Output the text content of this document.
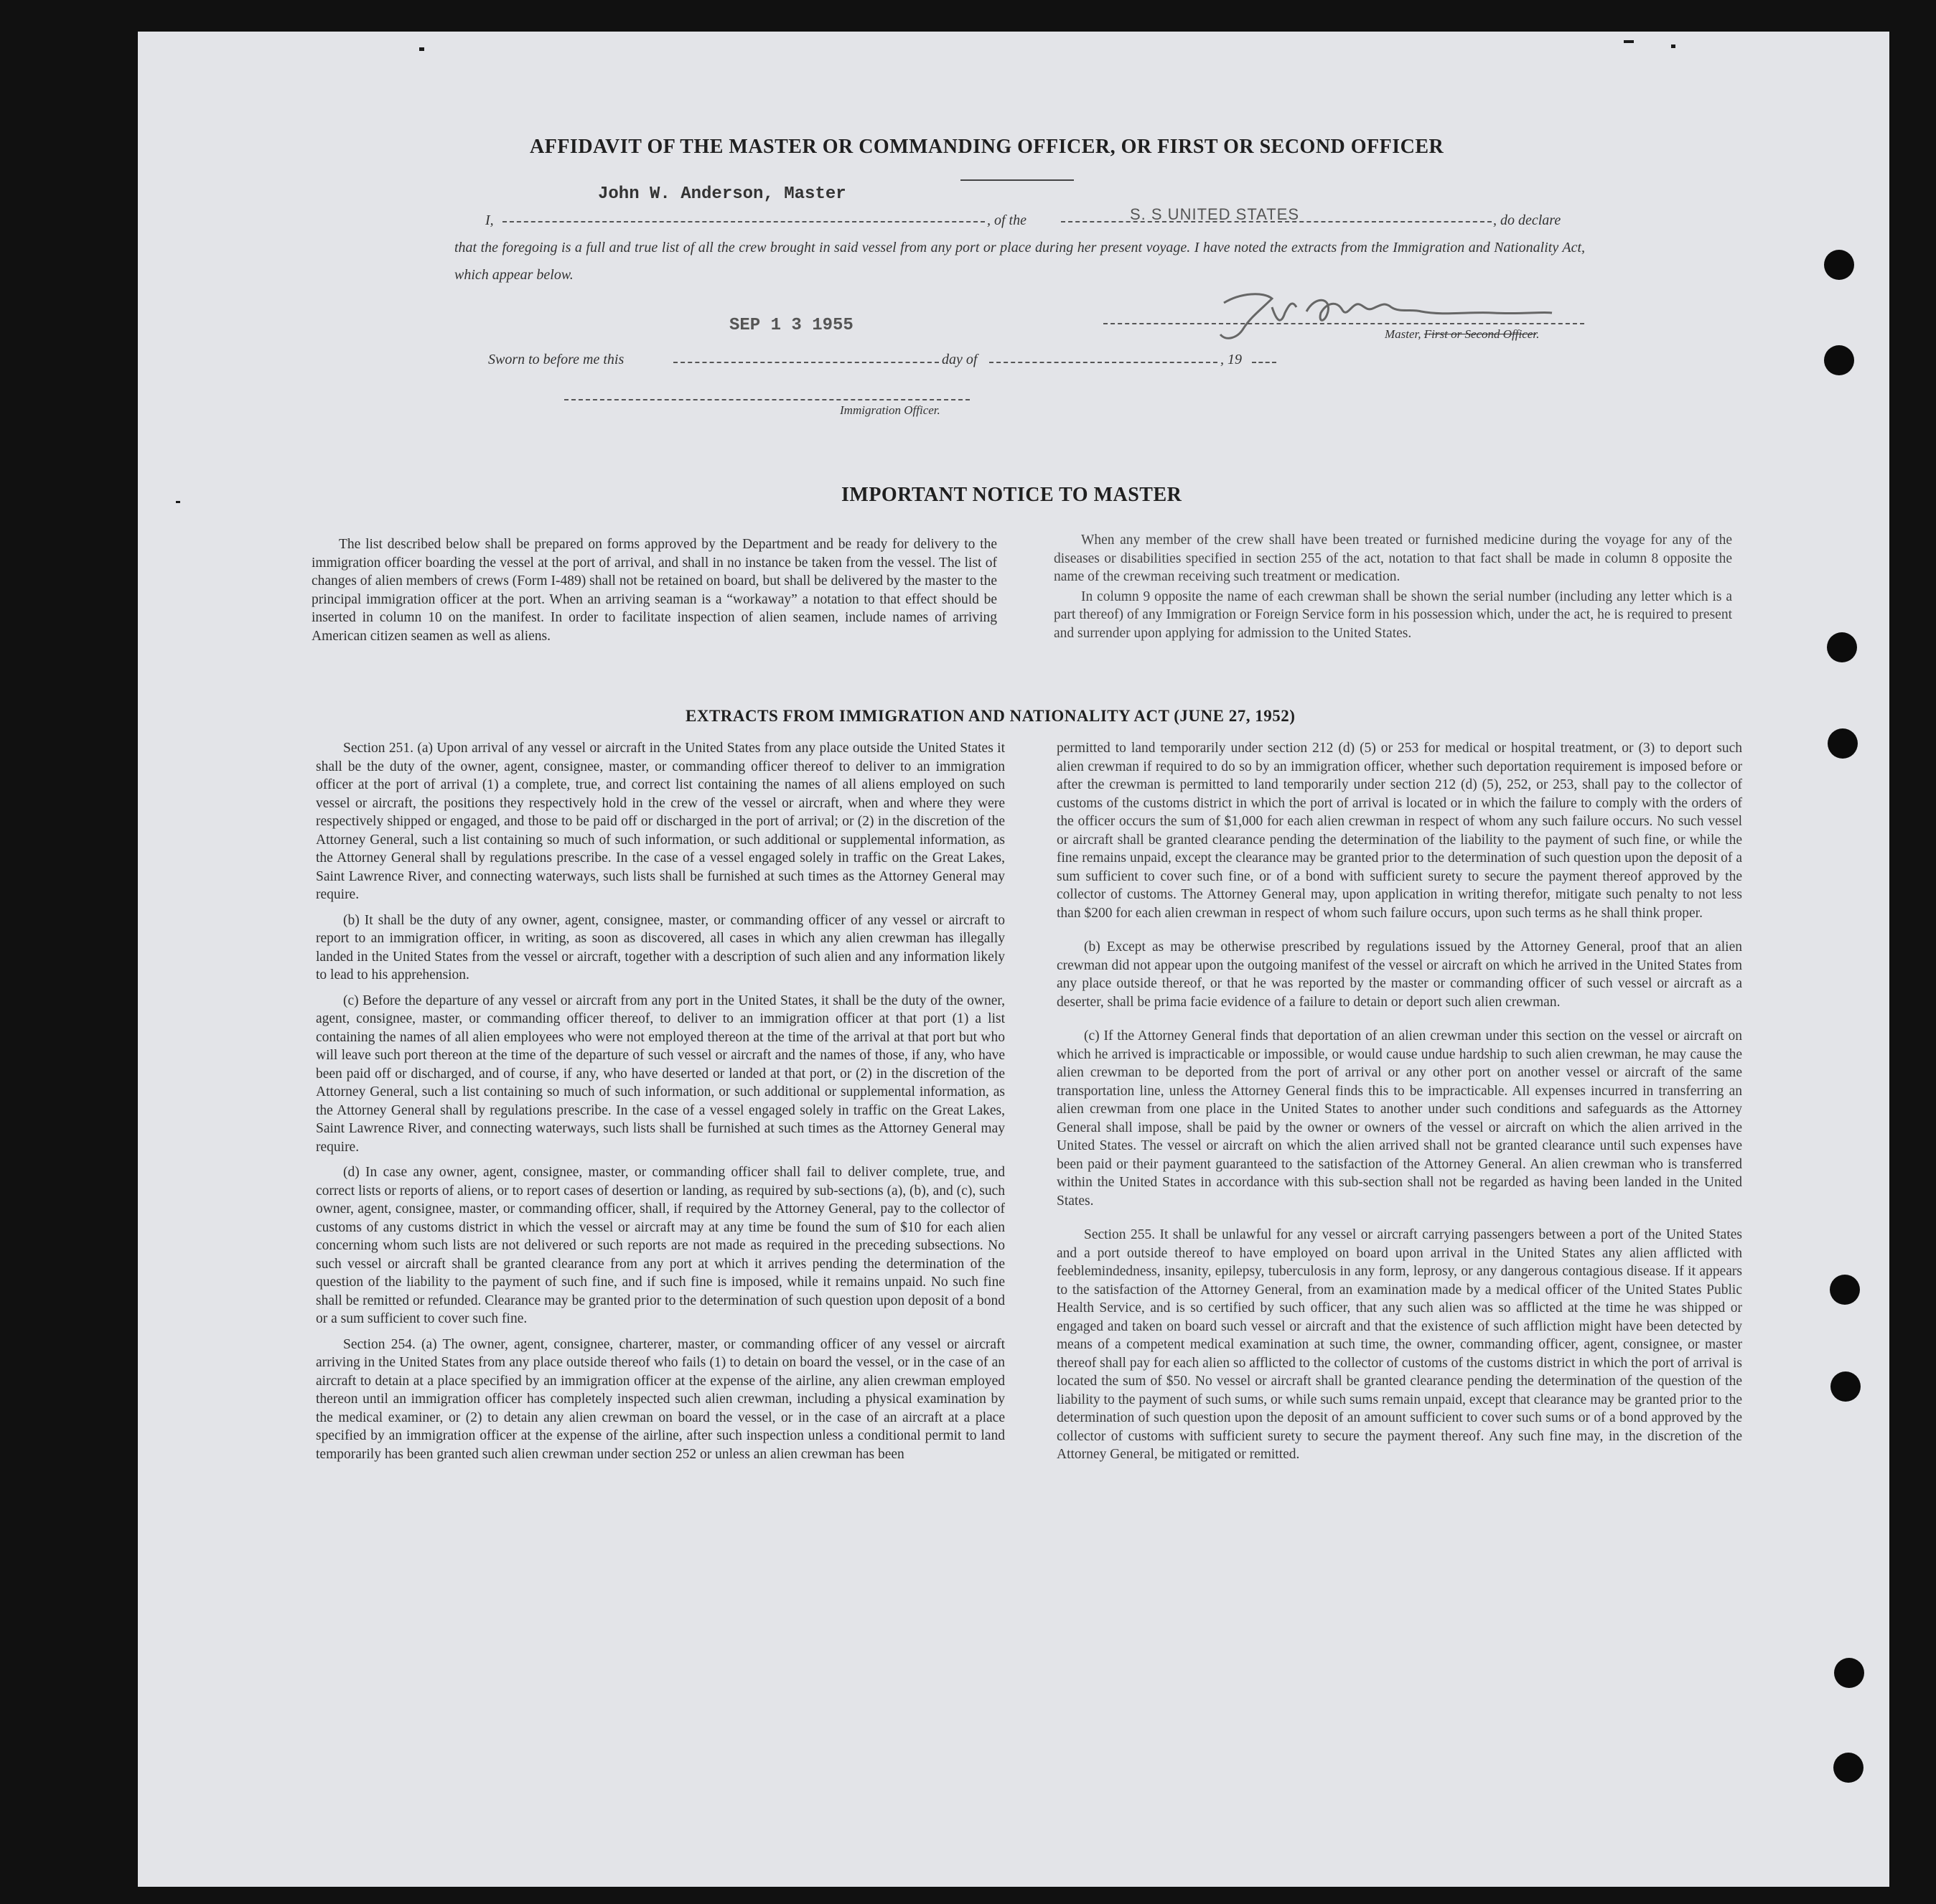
AFFIDAVIT OF THE MASTER OR COMMANDING OFFICER, OR FIRST OR SECOND OFFICER
John W. Anderson, Master
I,	, of the	S. S UNITED STATES	, do declare
that the foregoing is a full and true list of all the crew brought in said vessel from any port or place during her present voyage. I have noted the extracts from the Immigration and Nationality Act, which appear below.
SEP 1 3 1955	Master, First or Second Officer.
Sworn to before me this	day of	, 19
Immigration Officer.
IMPORTANT NOTICE TO MASTER

The list described below shall be prepared on forms approved by the Department and be ready for delivery to the immigration officer boarding the vessel at the port of arrival, and shall in no instance be taken from the vessel. The list of changes of alien members of crews (Form I-489) shall not be retained on board, but shall be delivered by the master to the principal immigration officer at the port. When an arriving seaman is a “workaway” a notation to that effect should be inserted in column 10 on the manifest. In order to facilitate inspection of alien seamen, include names of arriving American citizen seamen as well as aliens.

When any member of the crew shall have been treated or furnished medicine during the voyage for any of the diseases or disabilities specified in section 255 of the act, notation to that fact shall be made in column 8 opposite the name of the crewman receiving such treatment or medication.

In column 9 opposite the name of each crewman shall be shown the serial number (including any letter which is a part thereof) of any Immigration or Foreign Service form in his possession which, under the act, he is required to present and surrender upon applying for admission to the United States.

EXTRACTS FROM IMMIGRATION AND NATIONALITY ACT (JUNE 27, 1952)

Section 251. (a) Upon arrival of any vessel or aircraft in the United States from any place outside the United States it shall be the duty of the owner, agent, consignee, master, or commanding officer thereof to deliver to an immigration officer at the port of arrival (1) a complete, true, and correct list containing the names of all aliens employed on such vessel or aircraft, the positions they respectively hold in the crew of the vessel or aircraft, when and where they were respectively shipped or engaged, and those to be paid off or discharged in the port of arrival; or (2) in the discretion of the Attorney General, such a list containing so much of such information, or such additional or supplemental information, as the Attorney General shall by regulations prescribe. In the case of a vessel engaged solely in traffic on the Great Lakes, Saint Lawrence River, and connecting waterways, such lists shall be furnished at such times as the Attorney General may require.

(b) It shall be the duty of any owner, agent, consignee, master, or commanding officer of any vessel or aircraft to report to an immigration officer, in writing, as soon as discovered, all cases in which any alien crewman has illegally landed in the United States from the vessel or aircraft, together with a description of such alien and any information likely to lead to his apprehension.

(c) Before the departure of any vessel or aircraft from any port in the United States, it shall be the duty of the owner, agent, consignee, master, or commanding officer thereof, to deliver to an immigration officer at that port (1) a list containing the names of all alien employees who were not employed thereon at the time of the arrival at that port but who will leave such port thereon at the time of the departure of such vessel or aircraft and the names of those, if any, who have been paid off or discharged, and of course, if any, who have deserted or landed at that port, or (2) in the discretion of the Attorney General, such a list containing so much of such information, or such additional or supplemental information, as the Attorney General shall by regulations prescribe. In the case of a vessel engaged solely in traffic on the Great Lakes, Saint Lawrence River, and connecting waterways, such lists shall be furnished at such times as the Attorney General may require.

(d) In case any owner, agent, consignee, master, or commanding officer shall fail to deliver complete, true, and correct lists or reports of aliens, or to report cases of desertion or landing, as required by sub-sections (a), (b), and (c), such owner, agent, consignee, master, or commanding officer, shall, if required by the Attorney General, pay to the collector of customs of any customs district in which the vessel or aircraft may at any time be found the sum of $10 for each alien concerning whom such lists are not delivered or such reports are not made as required in the preceding subsections. No such vessel or aircraft shall be granted clearance from any port at which it arrives pending the determination of the question of the liability to the payment of such fine, and if such fine is imposed, while it remains unpaid. No such fine shall be remitted or refunded. Clearance may be granted prior to the determination of such question upon deposit of a bond or a sum sufficient to cover such fine.

Section 254. (a) The owner, agent, consignee, charterer, master, or commanding officer of any vessel or aircraft arriving in the United States from any place outside thereof who fails (1) to detain on board the vessel, or in the case of an aircraft to detain at a place specified by an immigration officer at the expense of the airline, any alien crewman employed thereon until an immigration officer has completely inspected such alien crewman, including a physical examination by the medical examiner, or (2) to detain any alien crewman on board the vessel, or in the case of an aircraft at a place specified by an immigration officer at the expense of the airline, after such inspection unless a conditional permit to land temporarily has been granted such alien crewman under section 252 or unless an alien crewman has been

permitted to land temporarily under section 212 (d) (5) or 253 for medical or hospital treatment, or (3) to deport such alien crewman if required to do so by an immigration officer, whether such deportation requirement is imposed before or after the crewman is permitted to land temporarily under section 212 (d) (5), 252, or 253, shall pay to the collector of customs of the customs district in which the port of arrival is located or in which the failure to comply with the orders of the officer occurs the sum of $1,000 for each alien crewman in respect of whom any such failure occurs. No such vessel or aircraft shall be granted clearance pending the determination of the liability to the payment of such fine, or while the fine remains unpaid, except the clearance may be granted prior to the determination of such question upon the deposit of a sum sufficient to cover such fine, or of a bond with sufficient surety to secure the payment thereof approved by the collector of customs. The Attorney General may, upon application in writing therefor, mitigate such penalty to not less than $200 for each alien crewman in respect of whom such failure occurs, upon such terms as he shall think proper.

(b) Except as may be otherwise prescribed by regulations issued by the Attorney General, proof that an alien crewman did not appear upon the outgoing manifest of the vessel or aircraft on which he arrived in the United States from any place outside thereof, or that he was reported by the master or commanding officer of such vessel or aircraft as a deserter, shall be prima facie evidence of a failure to detain or deport such alien crewman.

(c) If the Attorney General finds that deportation of an alien crewman under this section on the vessel or aircraft on which he arrived is impracticable or impossible, or would cause undue hardship to such alien crewman, he may cause the alien crewman to be deported from the port of arrival or any other port on another vessel or aircraft of the same transportation line, unless the Attorney General finds this to be impracticable. All expenses incurred in transferring an alien crewman from one place in the United States to another under such conditions and safeguards as the Attorney General shall impose, shall be paid by the owner or owners of the vessel or aircraft on which the alien arrived in the United States. The vessel or aircraft on which the alien arrived shall not be granted clearance until such expenses have been paid or their payment guaranteed to the satisfaction of the Attorney General. An alien crewman who is transferred within the United States in accordance with this sub-section shall not be regarded as having been landed in the United States.

Section 255. It shall be unlawful for any vessel or aircraft carrying passengers between a port of the United States and a port outside thereof to have employed on board upon arrival in the United States any alien afflicted with feeblemindedness, insanity, epilepsy, tuberculosis in any form, leprosy, or any dangerous contagious disease. If it appears to the satisfaction of the Attorney General, from an examination made by a medical officer of the United States Public Health Service, and is so certified by such officer, that any such alien was so afflicted at the time he was shipped or engaged and taken on board such vessel or aircraft and that the existence of such affliction might have been detected by means of a competent medical examination at such time, the owner, commanding officer, agent, consignee, or master thereof shall pay for each alien so afflicted to the collector of customs of the customs district in which the port of arrival is located the sum of $50. No vessel or aircraft shall be granted clearance pending the determination of the question of the liability to the payment of such sums, or while such sums remain unpaid, except that clearance may be granted prior to the determination of such question upon the deposit of an amount sufficient to cover such sums or of a bond approved by the collector of customs with sufficient surety to secure the payment thereof. Any such fine may, in the discretion of the Attorney General, be mitigated or remitted.
